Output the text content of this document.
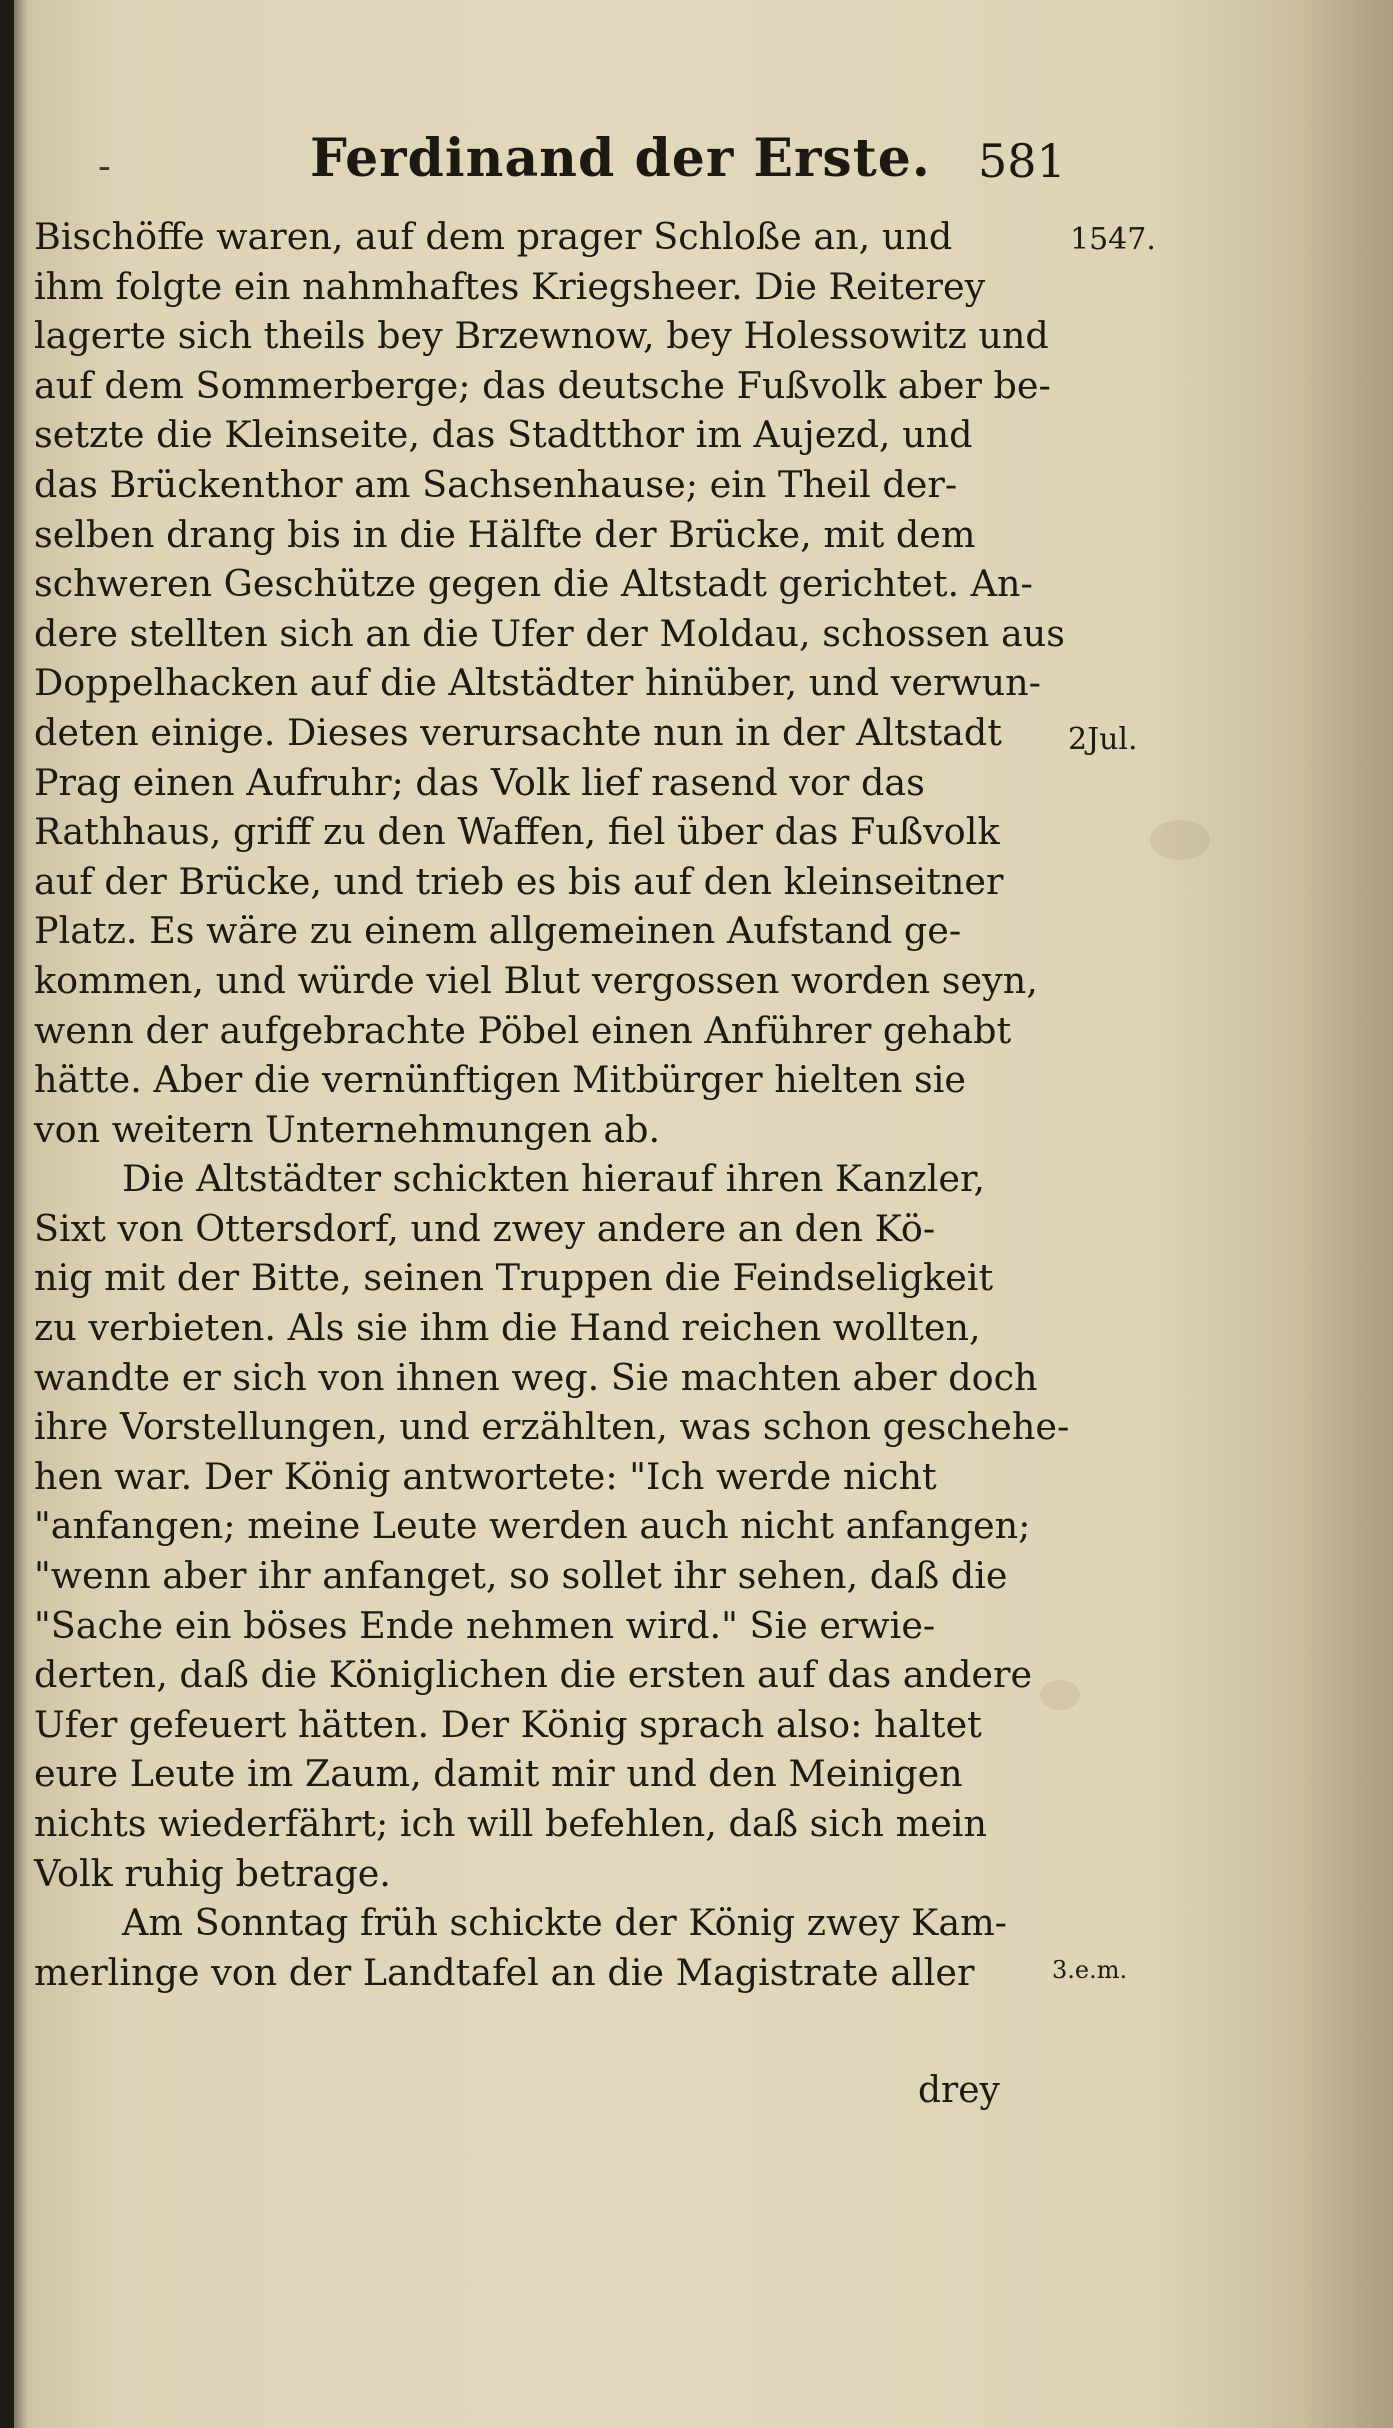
-	Ferdinand der Erste. 581
Bischöffe waren, auf dem prager Schloße an, und
ihm folgte ein nahmhaftes Kriegsheer. Die Reiterey
lagerte sich theils bey Brzewnow, bey Holessowitz und
auf dem Sommerberge; das deutsche Fußvolk aber be-
setzte die Kleinseite, das Stadtthor im Aujezd, und
das Brückenthor am Sachsenhause; ein Theil der-
selben drang bis in die Hälfte der Brücke, mit dem
schweren Geschütze gegen die Altstadt gerichtet. An-
dere stellten sich an die Ufer der Moldau, schossen aus
Doppelhacken auf die Altstädter hinüber, und verwun-
deten einige. Dieses verursachte nun in der Altstadt
Prag einen Aufruhr; das Volk lief rasend vor das
Rathhaus, griff zu den Waffen, fiel über das Fußvolk
auf der Brücke, und trieb es bis auf den kleinseitner
Platz. Es wäre zu einem allgemeinen Aufstand ge-
kommen, und würde viel Blut vergossen worden seyn,
wenn der aufgebrachte Pöbel einen Anführer gehabt
hätte. Aber die vernünftigen Mitbürger hielten sie
von weitern Unternehmungen ab.
Die Altstädter schickten hierauf ihren Kanzler,
Sixt von Ottersdorf, und zwey andere an den Kö-
nig mit der Bitte, seinen Truppen die Feindseligkeit
zu verbieten. Als sie ihm die Hand reichen wollten,
wandte er sich von ihnen weg. Sie machten aber doch
ihre Vorstellungen, und erzählten, was schon geschehe-
hen war. Der König antwortete: "Ich werde nicht
"anfangen; meine Leute werden auch nicht anfangen;
"wenn aber ihr anfanget, so sollet ihr sehen, daß die
"Sache ein böses Ende nehmen wird." Sie erwie-
derten, daß die Königlichen die ersten auf das andere
Ufer gefeuert hätten. Der König sprach also: haltet
eure Leute im Zaum, damit mir und den Meinigen
nichts wiederfährt; ich will befehlen, daß sich mein
Volk ruhig betrage.
Am Sonntag früh schickte der König zwey Kam-
merlinge von der Landtafel an die Magistrate aller
drey
1547.
2Jul.
3.e.m.
